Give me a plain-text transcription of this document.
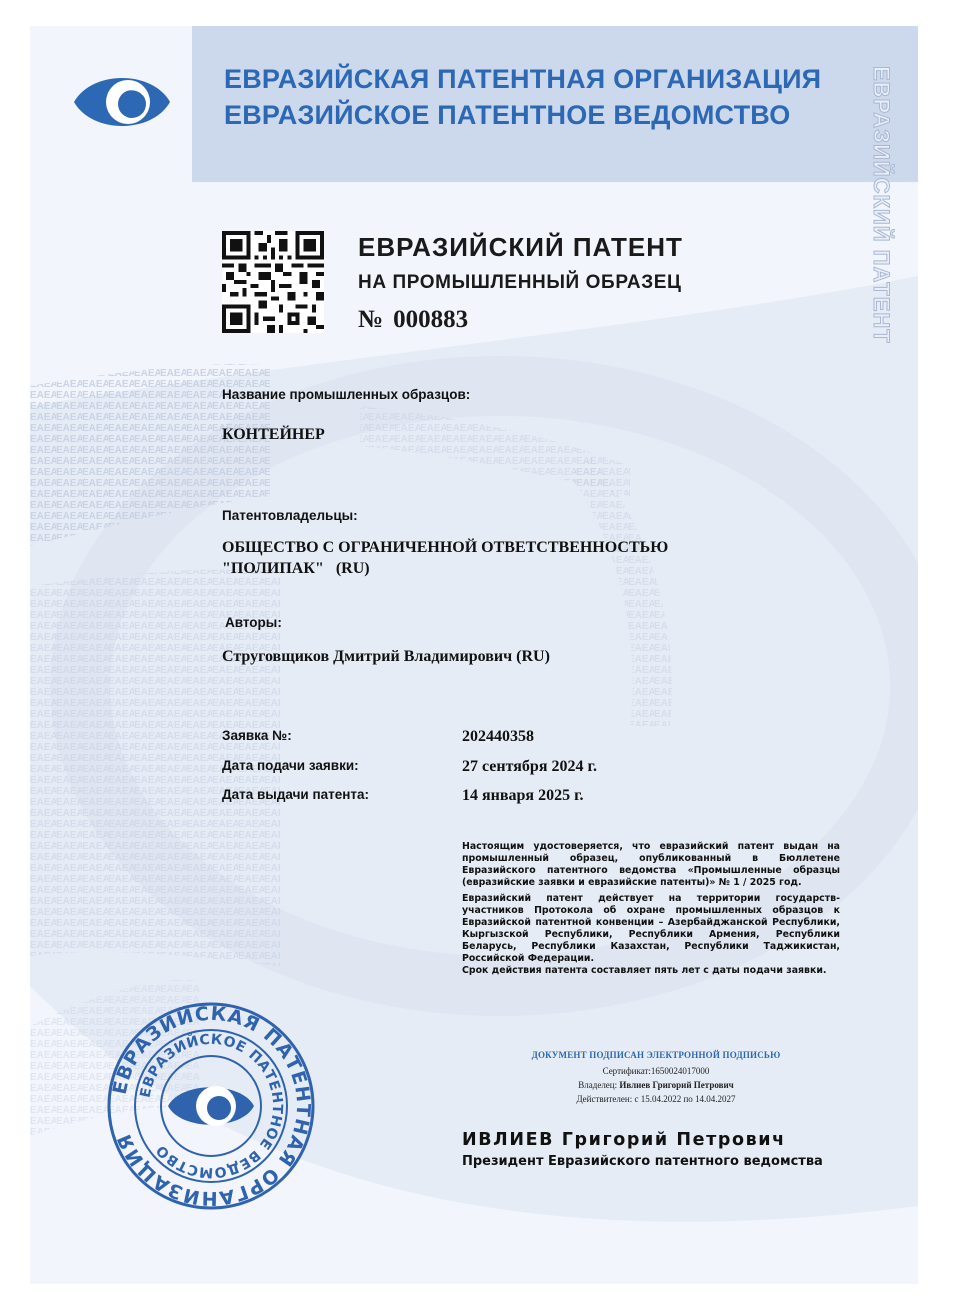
ЕВРАЗИЙСКАЯ ПАТЕНТНАЯ ОРГАНИЗАЦИЯ
ЕВРАЗИЙСКОЕ ПАТЕНТНОЕ ВЕДОМСТВО	ЕВРАЗИЙСКИЙ ПАТЕНТ
ЕВРАЗИЙСКИЙ ПАТЕНТ
НА ПРОМЫШЛЕННЫЙ ОБРАЗЕЦ
№ 000883
Название промышленных образцов:
КОНТЕЙНЕР
Патентовладельцы:
ОБЩЕСТВО С ОГРАНИЧЕННОЙ ОТВЕТСТВЕННОСТЬЮ
"ПОЛИПАК"   (RU)
Авторы:
Струговщиков Дмитрий Владимирович (RU)
Заявка №:	202440358
Дата подачи заявки:	27 сентября 2024 г.
Дата выдачи патента:	14 января 2025 г.

Настоящим удостоверяется, что евразийский патент выдан на промышленный образец, опубликованный в Бюллетене Евразийского патентного ведомства «Промышленные образцы (евразийские заявки и евразийские патенты)» № 1 / 2025 год.

Евразийский патент действует на территории государств-участников Протокола об охране промышленных образцов к Евразийской патентной конвенции – Азербайджанской Республики, Кыргызской Республики, Республики Армения, Республики Беларусь, Республики Казахстан, Республики Таджикистан, Российской Федерации.

Срок действия патента составляет пять лет с даты подачи заявки.

ДОКУМЕНТ ПОДПИСАН ЭЛЕКТРОННОЙ ПОДПИСЬЮ
Сертификат:1650024017000
Владелец: Ивлиев Григорий Петрович
Действителен: с 15.04.2022 по 14.04.2027
ИВЛИЕВ Григорий Петрович
Президент Евразийского патентного ведомства
ЕВРАЗИЙСКАЯ ПАТЕНТНАЯ ОРГАНИЗАЦИЯ
ЕВРАЗИЙСКОЕ ПАТЕНТНОЕ ВЕДОМСТВО
